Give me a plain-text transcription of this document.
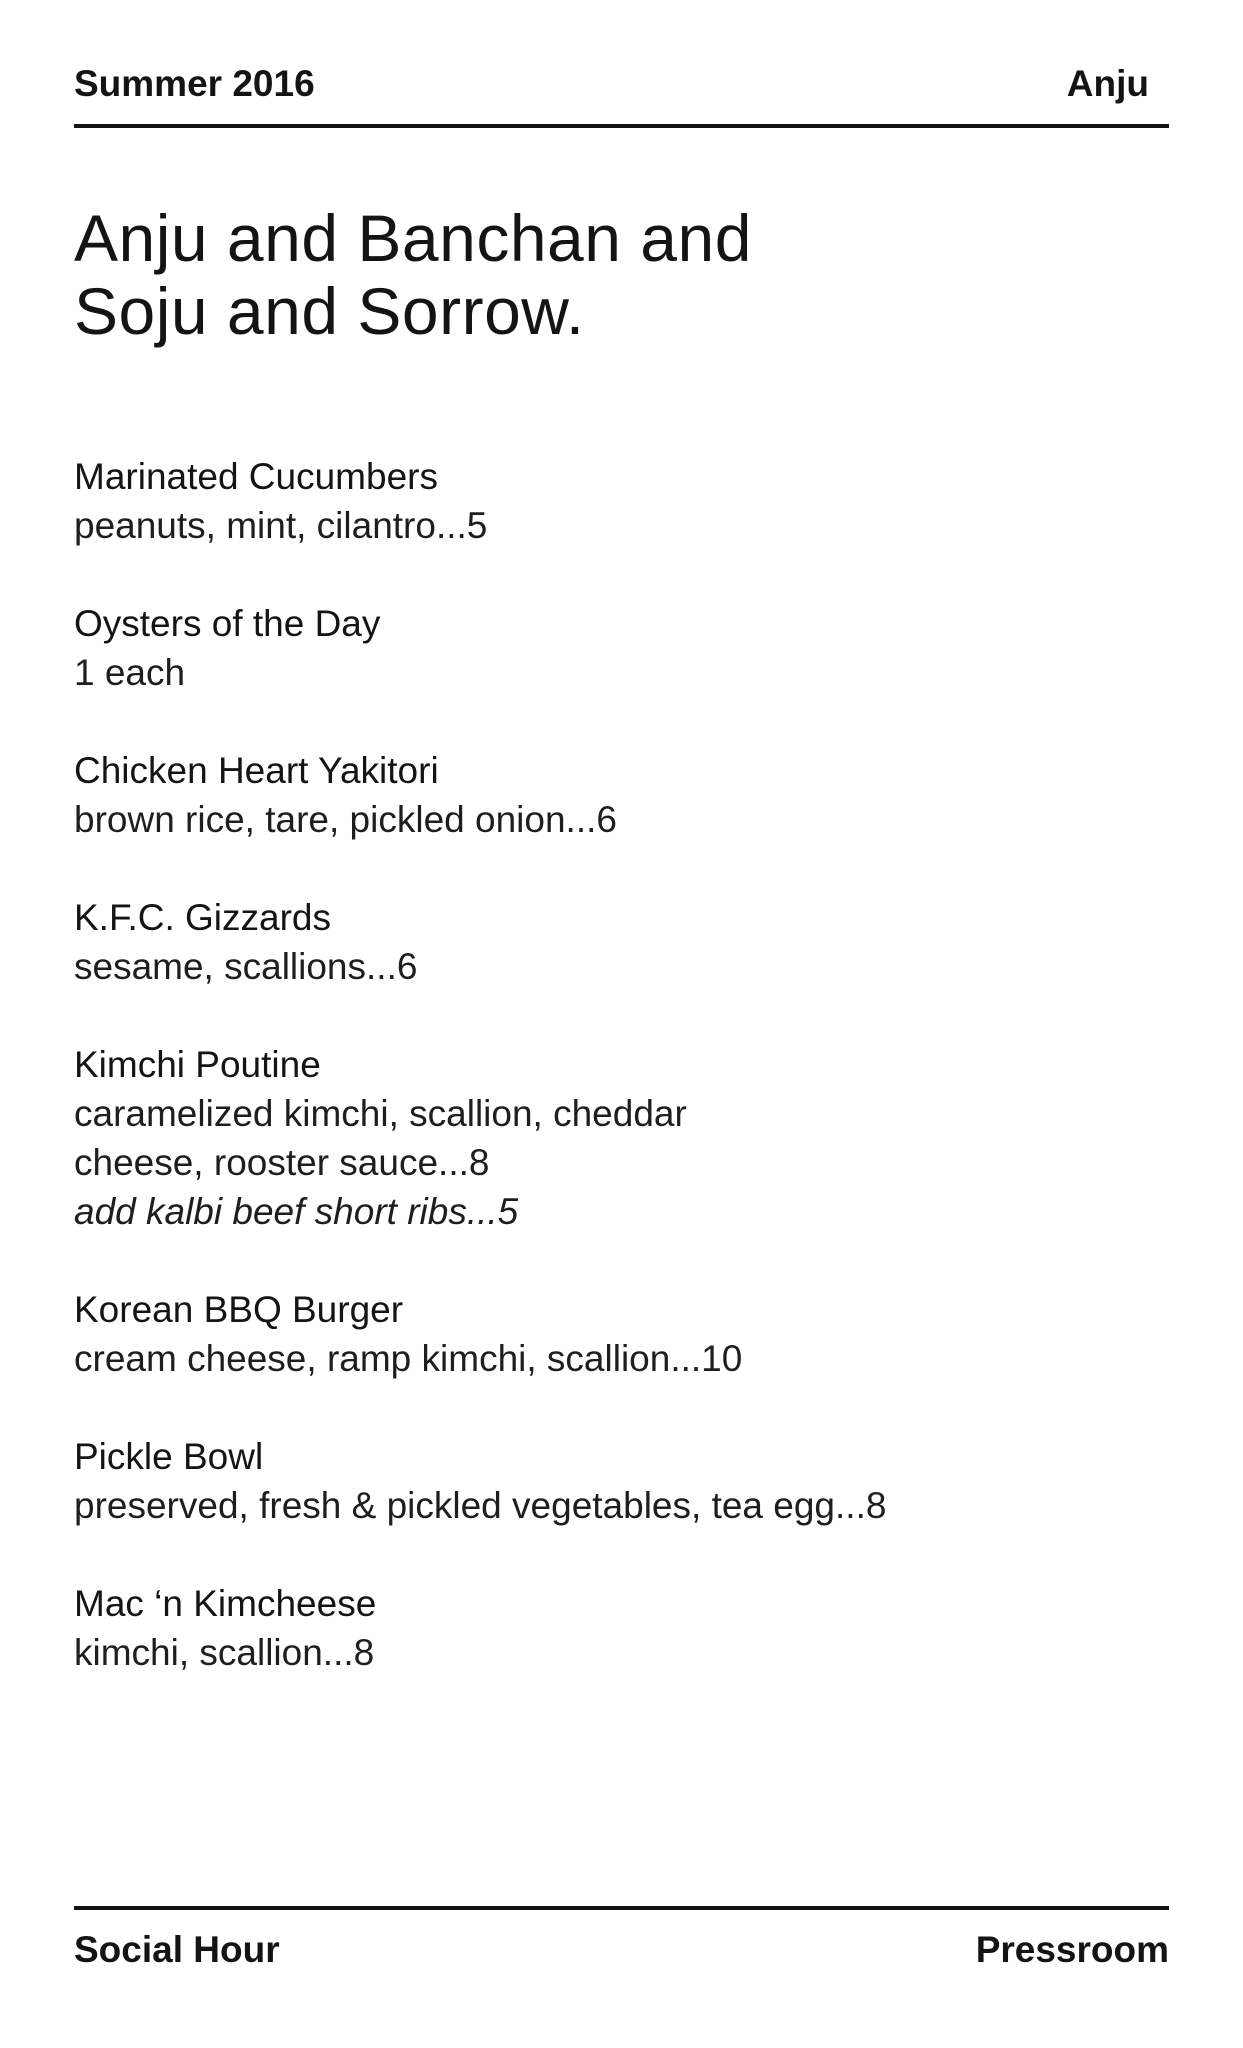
Summer 2016	Anju
Anju and Banchan and
Soju and Sorrow.
Marinated Cucumbers
peanuts, mint, cilantro...5
Oysters of the Day
1 each
Chicken Heart Yakitori
brown rice, tare, pickled onion...6
K.F.C. Gizzards
sesame, scallions...6
Kimchi Poutine
caramelized kimchi, scallion, cheddar
cheese, rooster sauce...8
add kalbi beef short ribs...5
Korean BBQ Burger
cream cheese, ramp kimchi, scallion...10
Pickle Bowl
preserved, fresh & pickled vegetables, tea egg...8
Mac ‘n Kimcheese
kimchi, scallion...8
Social Hour	Pressroom
